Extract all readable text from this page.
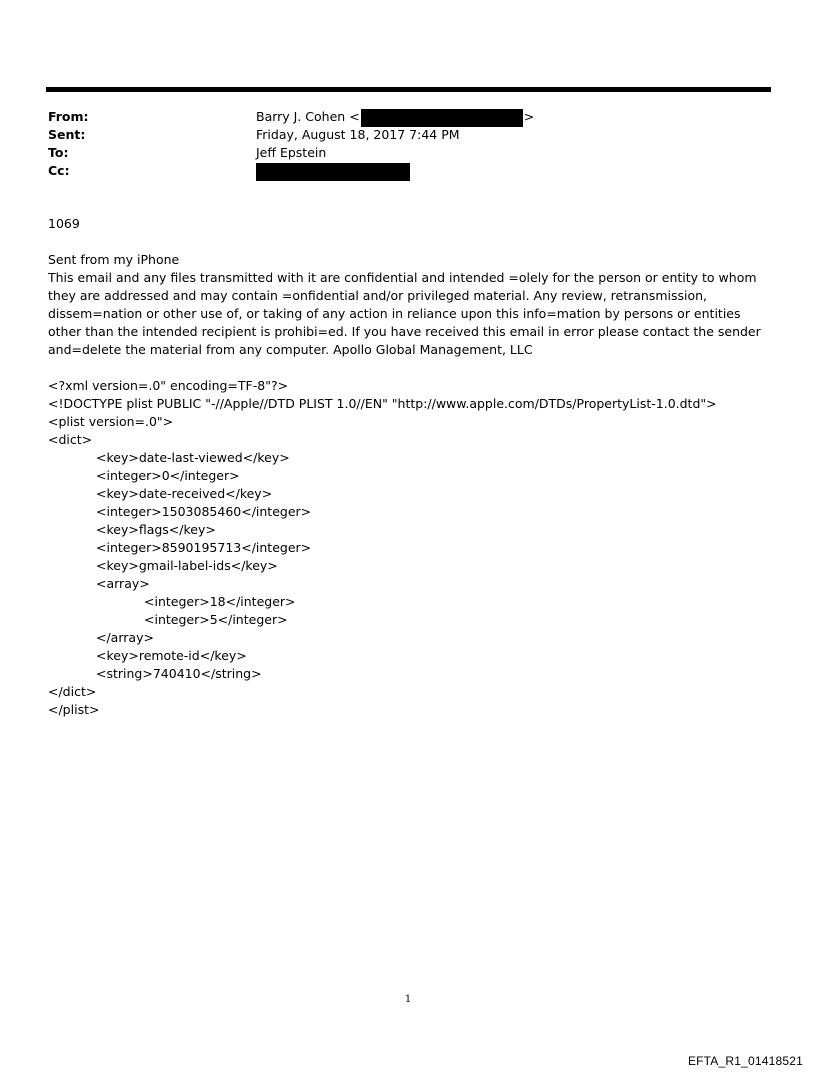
From:	Barry J. Cohen <	>
Sent:	Friday, August 18, 2017 7:44 PM
To:	Jeff Epstein
Cc:

1069

Sent from my iPhone

This email and any files transmitted with it are confidential and intended =olely for the person or entity to whom they are addressed and may contain =onfidential and/or privileged material. Any review, retransmission, dissem=nation or other use of, or taking of any action in reliance upon this info=mation by persons or entities other than the intended recipient is prohibi=ed. If you have received this email in error please contact the sender and=delete the material from any computer. Apollo Global Management, LLC

<?xml version=.0" encoding=TF-8"?>

<!DOCTYPE plist PUBLIC "-//Apple//DTD PLIST 1.0//EN" "http://www.apple.com/DTDs/PropertyList-1.0.dtd">

<plist version=.0">

<dict>

<key>date-last-viewed</key>

<integer>0</integer>

<key>date-received</key>

<integer>1503085460</integer>

<key>flags</key>

<integer>8590195713</integer>

<key>gmail-label-ids</key>

<array>

<integer>18</integer>

<integer>5</integer>

</array>

<key>remote-id</key>

<string>740410</string>

</dict>

</plist>

1
EFTA_R1_01418521
